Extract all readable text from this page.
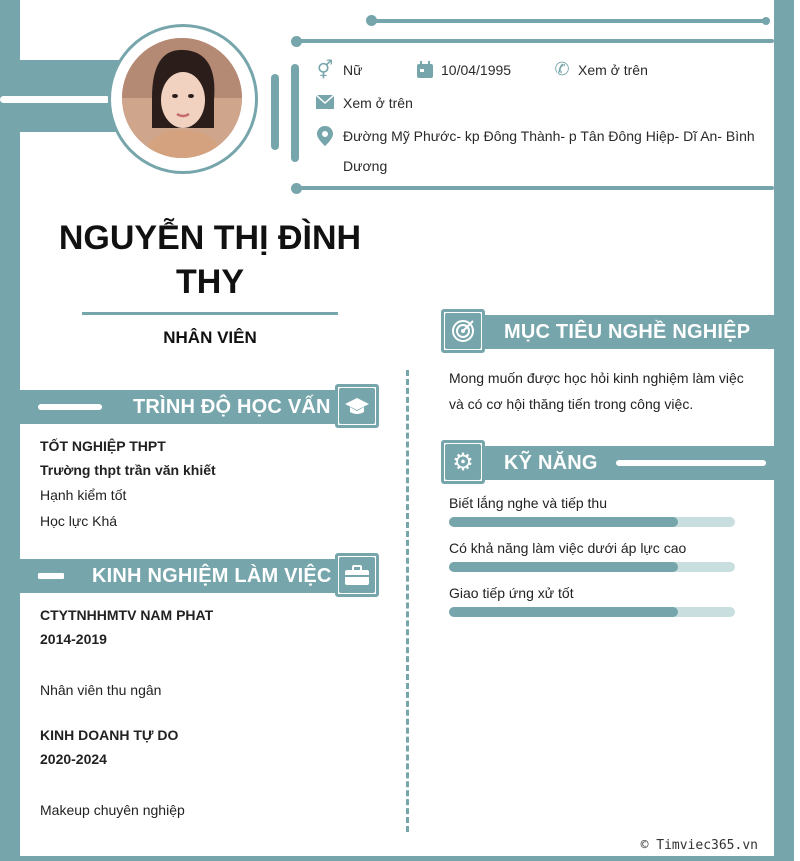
⚥ Nữ	10/04/1995 ✆ Xem ở trên
Xem ở trên
Đường Mỹ Phước- kp Đông Thành- p Tân Đông Hiệp- Dĩ An- Bình
Dương
NGUYỄN THỊ ĐÌNH
THY
NHÂN VIÊN
TRÌNH ĐỘ HỌC VẤN
TỐT NGHIỆP THPT
Trường thpt trần văn khiết
Hạnh kiểm tốt
Học lực Khá
KINH NGHIỆM LÀM VIỆC
CTYTNHHMTV NAM PHAT
2014-2019
Nhân viên thu ngân
KINH DOANH TỰ DO
2020-2024
Makeup chuyên nghiệp
MỤC TIÊU NGHỀ NGHIỆP
Mong muốn được học hỏi kinh nghiệm làm việc
và có cơ hội thăng tiến trong công việc.
⚙	KỸ NĂNG
Biết lắng nghe và tiếp thu
Có khả năng làm việc dưới áp lực cao
Giao tiếp ứng xử tốt
© Timviec365.vn
